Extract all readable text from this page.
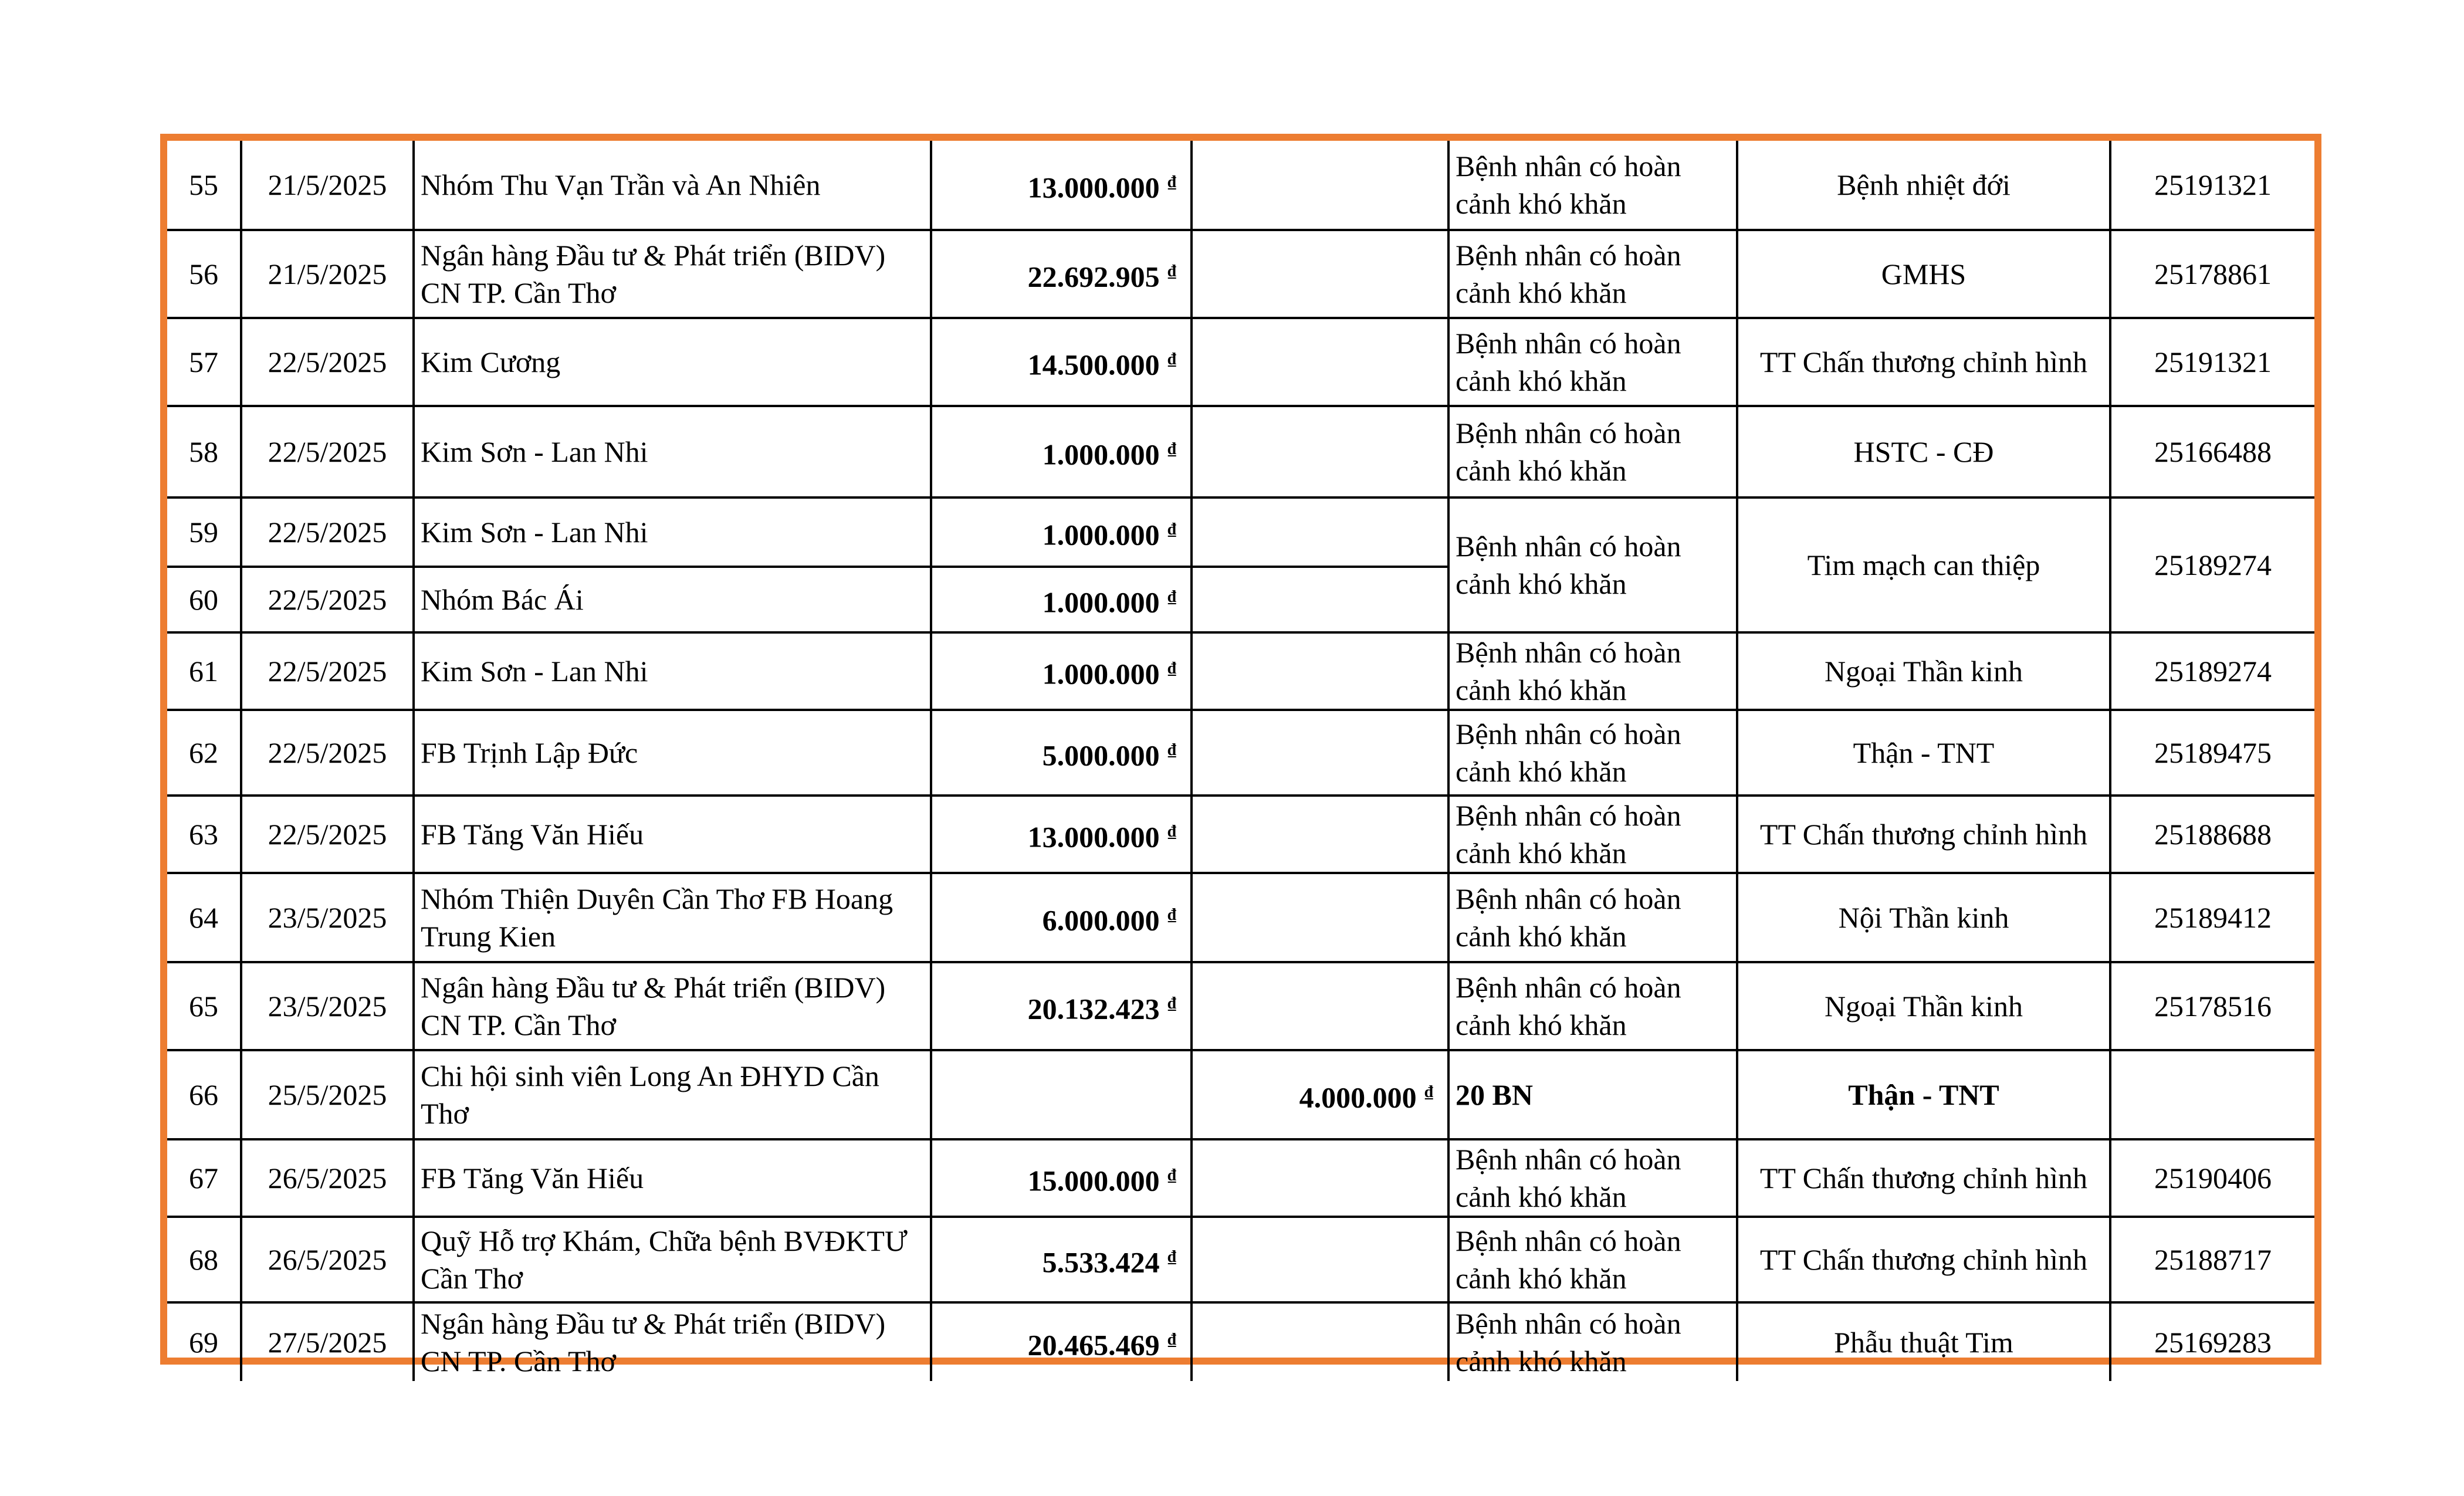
55	21/5/2025	Nhóm Thu Vạn Trần và An Nhiên	13.000.000 ₫		Bệnh nhân có hoàn cảnh khó khăn	Bệnh nhiệt đới	25191321
56	21/5/2025	Ngân hàng Đầu tư & Phát triển (BIDV) CN TP. Cần Thơ	22.692.905 ₫		Bệnh nhân có hoàn cảnh khó khăn	GMHS	25178861
57	22/5/2025	Kim Cương	14.500.000 ₫		Bệnh nhân có hoàn cảnh khó khăn	TT Chấn thương chỉnh hình	25191321
58	22/5/2025	Kim Sơn - Lan Nhi	1.000.000 ₫		Bệnh nhân có hoàn cảnh khó khăn	HSTC - CĐ	25166488
59	22/5/2025	Kim Sơn - Lan Nhi	1.000.000 ₫		Bệnh nhân có hoàn cảnh khó khăn	Tim mạch can thiệp	25189274
60	22/5/2025	Nhóm Bác Ái	1.000.000 ₫	
61	22/5/2025	Kim Sơn - Lan Nhi	1.000.000 ₫		Bệnh nhân có hoàn cảnh khó khăn	Ngoại Thần kinh	25189274
62	22/5/2025	FB Trịnh Lập Đức	5.000.000 ₫		Bệnh nhân có hoàn cảnh khó khăn	Thận - TNT	25189475
63	22/5/2025	FB Tăng Văn Hiếu	13.000.000 ₫		Bệnh nhân có hoàn cảnh khó khăn	TT Chấn thương chỉnh hình	25188688
64	23/5/2025	Nhóm Thiện Duyên Cần Thơ FB Hoang Trung Kien	6.000.000 ₫		Bệnh nhân có hoàn cảnh khó khăn	Nội Thần kinh	25189412
65	23/5/2025	Ngân hàng Đầu tư & Phát triển (BIDV) CN TP. Cần Thơ	20.132.423 ₫		Bệnh nhân có hoàn cảnh khó khăn	Ngoại Thần kinh	25178516
66	25/5/2025	Chi hội sinh viên Long An ĐHYD Cần Thơ		4.000.000 ₫	20 BN	Thận - TNT	
67	26/5/2025	FB Tăng Văn Hiếu	15.000.000 ₫		Bệnh nhân có hoàn cảnh khó khăn	TT Chấn thương chỉnh hình	25190406
68	26/5/2025	Quỹ Hỗ trợ Khám, Chữa bệnh BVĐKTƯ Cần Thơ	5.533.424 ₫		Bệnh nhân có hoàn cảnh khó khăn	TT Chấn thương chỉnh hình	25188717
69	27/5/2025	Ngân hàng Đầu tư & Phát triển (BIDV) CN TP. Cần Thơ	20.465.469 ₫		Bệnh nhân có hoàn cảnh khó khăn	Phẫu thuật Tim	25169283
